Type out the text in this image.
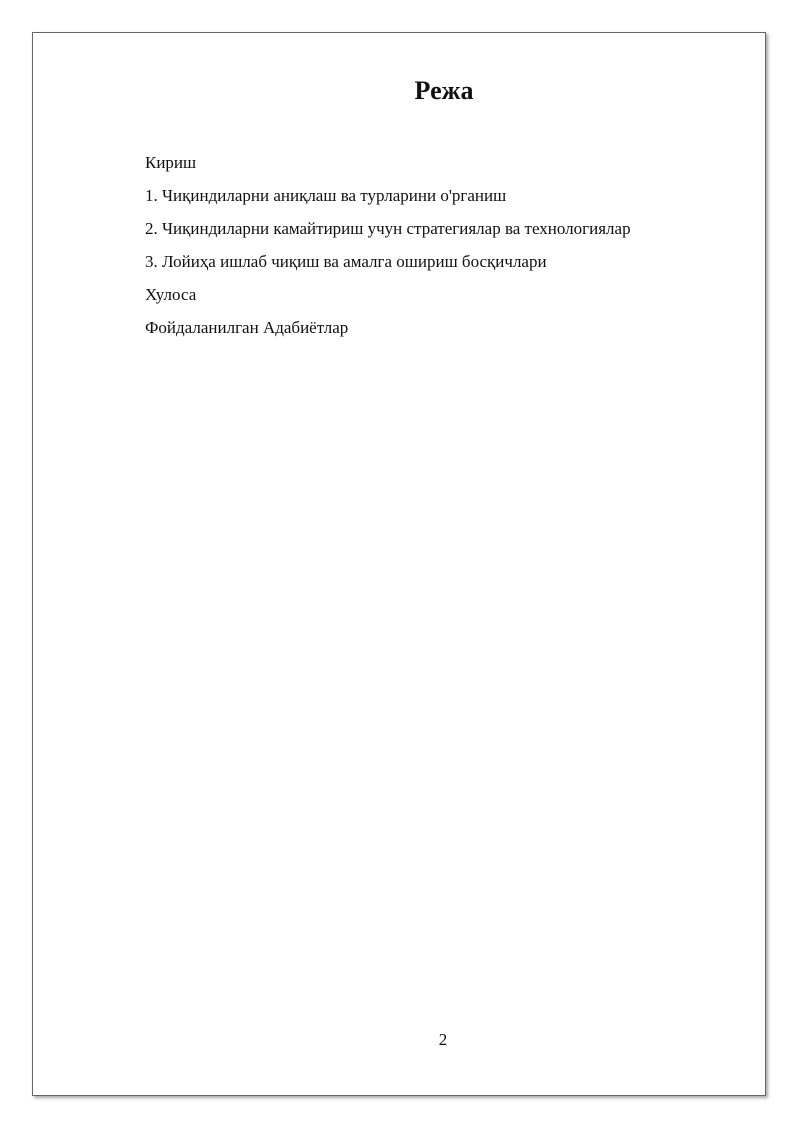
Режа
Кириш
1. Чиқиндиларни аниқлаш ва турларини o'рганиш
2. Чиқиндиларни камайтириш учун стратегиялар ва технологиялар
3. Лойиҳа ишлаб чиқиш ва амалга ошириш босқичлари
Хулоса
Фойдаланилган Адабиётлар
2
